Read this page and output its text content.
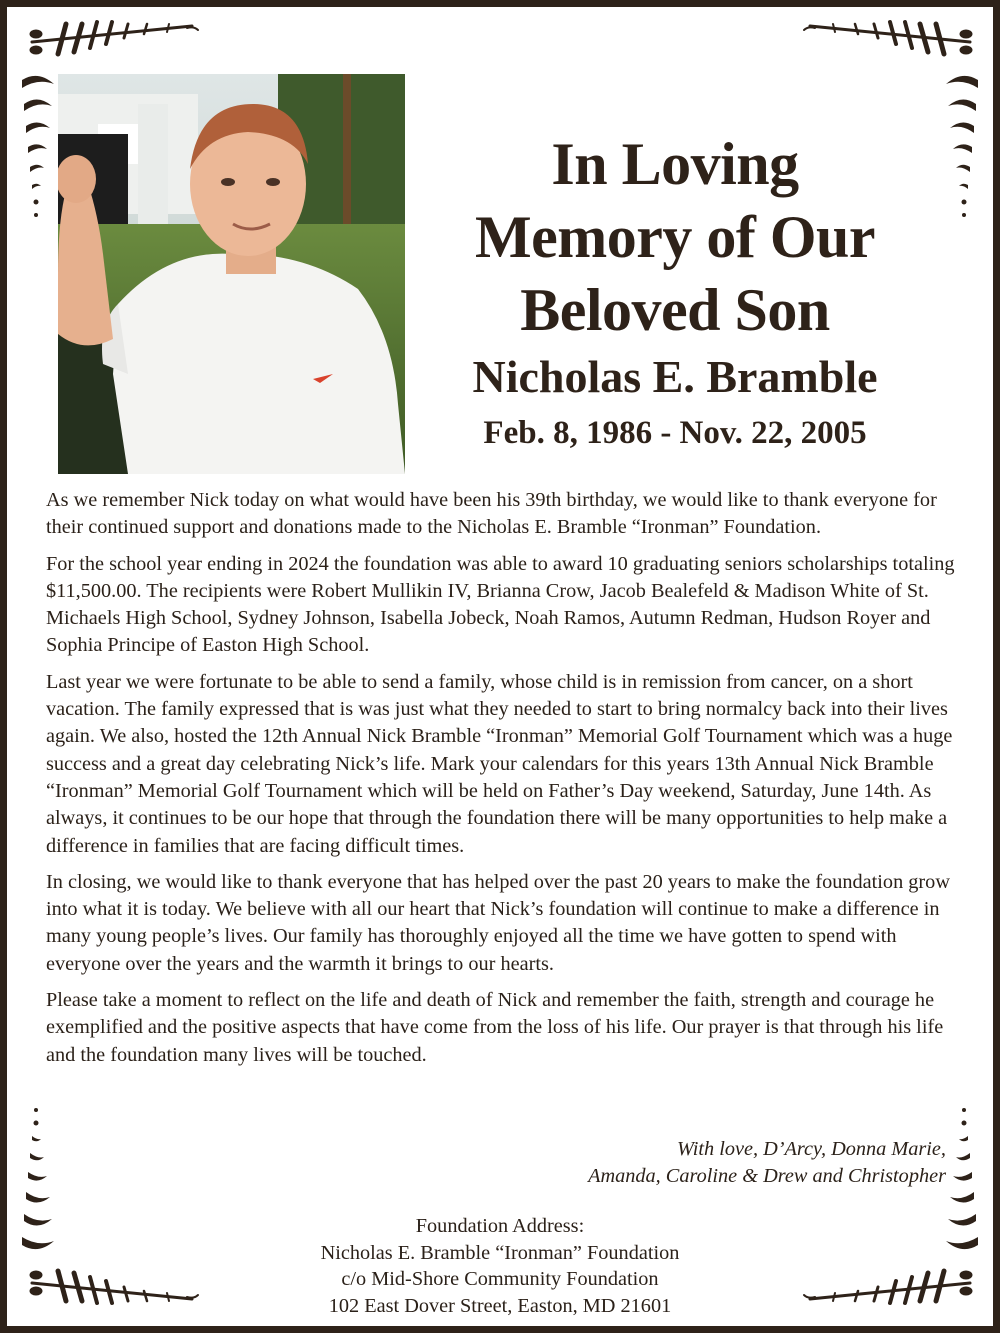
In Loving
Memory of Our
Beloved Son
Nicholas E. Bramble
Feb. 8, 1986 - Nov. 22, 2005

As we remember Nick today on what would have been his 39th birthday, we would like to thank everyone for their continued support and donations made to the Nicholas E. Bramble “Ironman” Foundation.

For the school year ending in 2024 the foundation was able to award 10 graduating seniors scholarships totaling $11,500.00. The recipients were Robert Mullikin IV, Brianna Crow, Jacob Bealefeld & Madison White of St. Michaels High School, Sydney Johnson, Isabella Jobeck, Noah Ramos, Autumn Redman, Hudson Royer and Sophia Principe of Easton High School.

Last year we were fortunate to be able to send a family, whose child is in remission from cancer, on a short vacation. The family expressed that is was just what they needed to start to bring normalcy back into their lives again. We also, hosted the 12th Annual Nick Bramble “Ironman” Memorial Golf Tournament which was a huge success and a great day celebrating Nick’s life. Mark your calendars for this years 13th Annual Nick Bramble “Ironman” Memorial Golf Tournament which will be held on Father’s Day weekend, Saturday, June 14th. As always, it continues to be our hope that through the foundation there will be many opportunities to help make a difference in families that are facing difficult times.

In closing, we would like to thank everyone that has helped over the past 20 years to make the foundation grow into what it is today. We believe with all our heart that Nick’s foundation will continue to make a difference in many young people’s lives. Our family has thoroughly enjoyed all the time we have gotten to spend with everyone over the years and the warmth it brings to our hearts.

Please take a moment to reflect on the life and death of Nick and remember the faith, strength and courage he exemplified and the positive aspects that have come from the loss of his life. Our prayer is that through his life and the foundation many lives will be touched.

With love, D’Arcy, Donna Marie,
Amanda, Caroline & Drew and Christopher
Foundation Address:
Nicholas E. Bramble “Ironman” Foundation
c/o Mid-Shore Community Foundation
102 East Dover Street, Easton, MD 21601
